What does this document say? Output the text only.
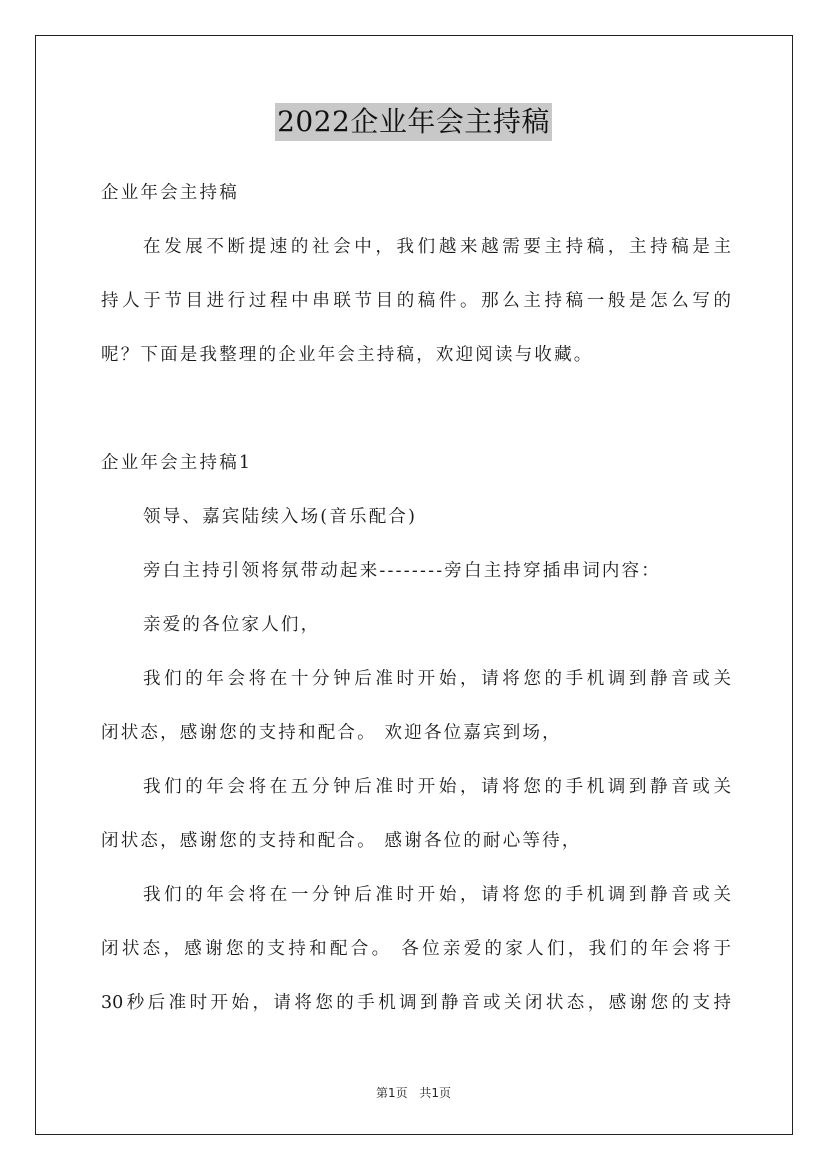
2022企业年会主持稿
企业年会主持稿
在发展不断提速的社会中，我们越来越需要主持稿，主持稿是主
持人于节目进行过程中串联节目的稿件。那么主持稿一般是怎么写的
呢？下面是我整理的企业年会主持稿，欢迎阅读与收藏。
企业年会主持稿1
领导、嘉宾陆续入场(音乐配合)
旁白主持引领将氛带动起来--------旁白主持穿插串词内容：
亲爱的各位家人们，
我们的年会将在十分钟后准时开始，请将您的手机调到静音或关
闭状态，感谢您的支持和配合。 欢迎各位嘉宾到场，
我们的年会将在五分钟后准时开始，请将您的手机调到静音或关
闭状态，感谢您的支持和配合。 感谢各位的耐心等待，
我们的年会将在一分钟后准时开始，请将您的手机调到静音或关
闭状态，感谢您的支持和配合。 各位亲爱的家人们，我们的年会将于
30秒后准时开始，请将您的手机调到静音或关闭状态，感谢您的支持
第1页 共1页
